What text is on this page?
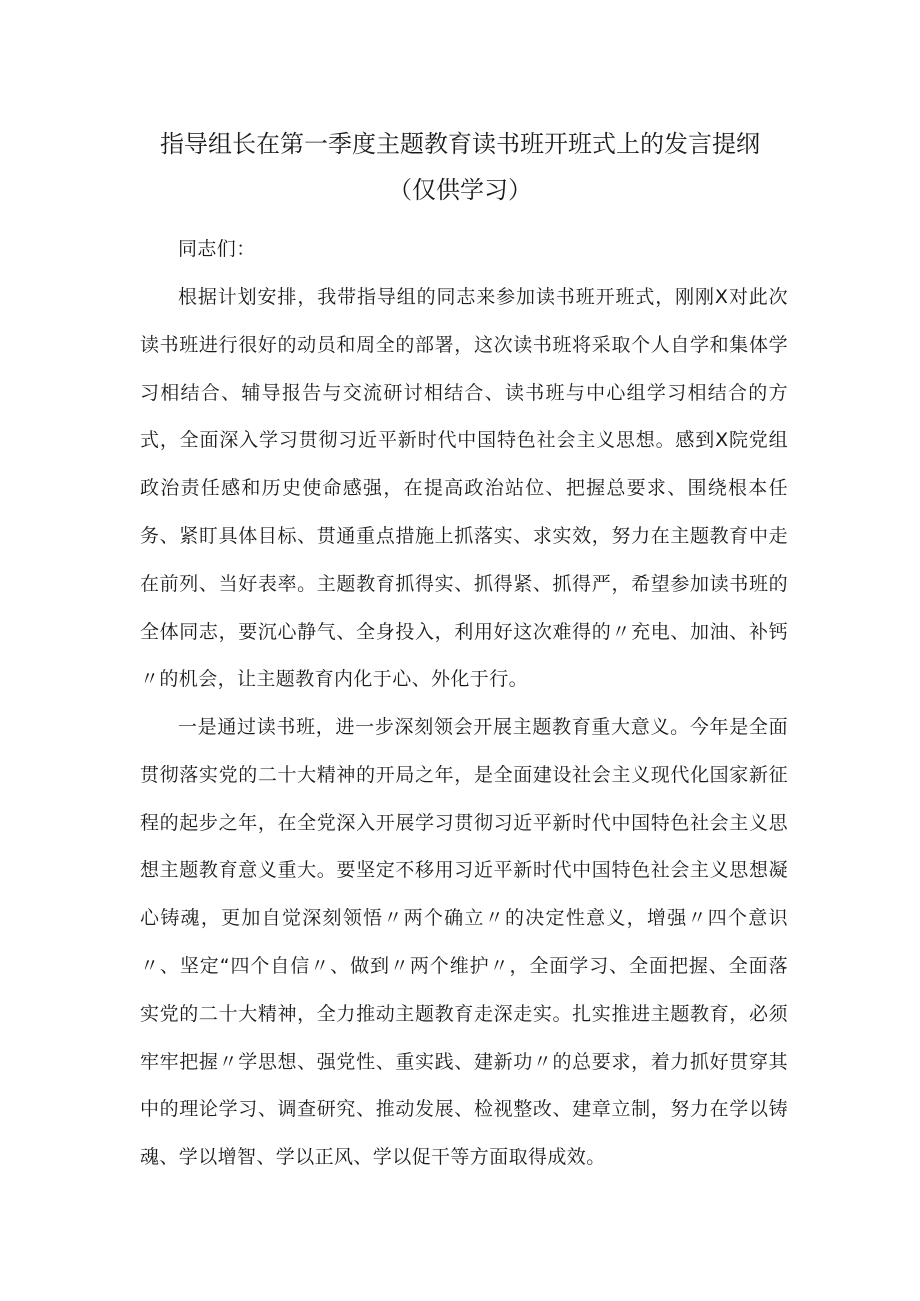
指导组长在第一季度主题教育读书班开班式上的发言提纲
（仅供学习）

同志们：

根据计划安排，我带指导组的同志来参加读书班开班式，刚刚X对此次读书班进行很好的动员和周全的部署，这次读书班将采取个人自学和集体学习相结合、辅导报告与交流研讨相结合、读书班与中心组学习相结合的方式，全面深入学习贯彻习近平新时代中国特色社会主义思想。感到X院党组政治责任感和历史使命感强，在提高政治站位、把握总要求、围绕根本任务、紧盯具体目标、贯通重点措施上抓落实、求实效，努力在主题教育中走在前列、当好表率。主题教育抓得实、抓得紧、抓得严，希望参加读书班的全体同志，要沉心静气、全身投入，利用好这次难得的〃充电、加油、补钙〃的机会，让主题教育内化于心、外化于行。

一是通过读书班，进一步深刻领会开展主题教育重大意义。今年是全面贯彻落实党的二十大精神的开局之年，是全面建设社会主义现代化国家新征程的起步之年，在全党深入开展学习贯彻习近平新时代中国特色社会主义思想主题教育意义重大。要坚定不移用习近平新时代中国特色社会主义思想凝心铸魂，更加自觉深刻领悟〃两个确立〃的决定性意义，增强〃四个意识〃、坚定“四个自信〃、做到〃两个维护〃，全面学习、全面把握、全面落实党的二十大精神，全力推动主题教育走深走实。扎实推进主题教育，必须牢牢把握〃学思想、强党性、重实践、建新功〃的总要求，着力抓好贯穿其中的理论学习、调查研究、推动发展、检视整改、建章立制，努力在学以铸魂、学以增智、学以正风、学以促干等方面取得成效。
